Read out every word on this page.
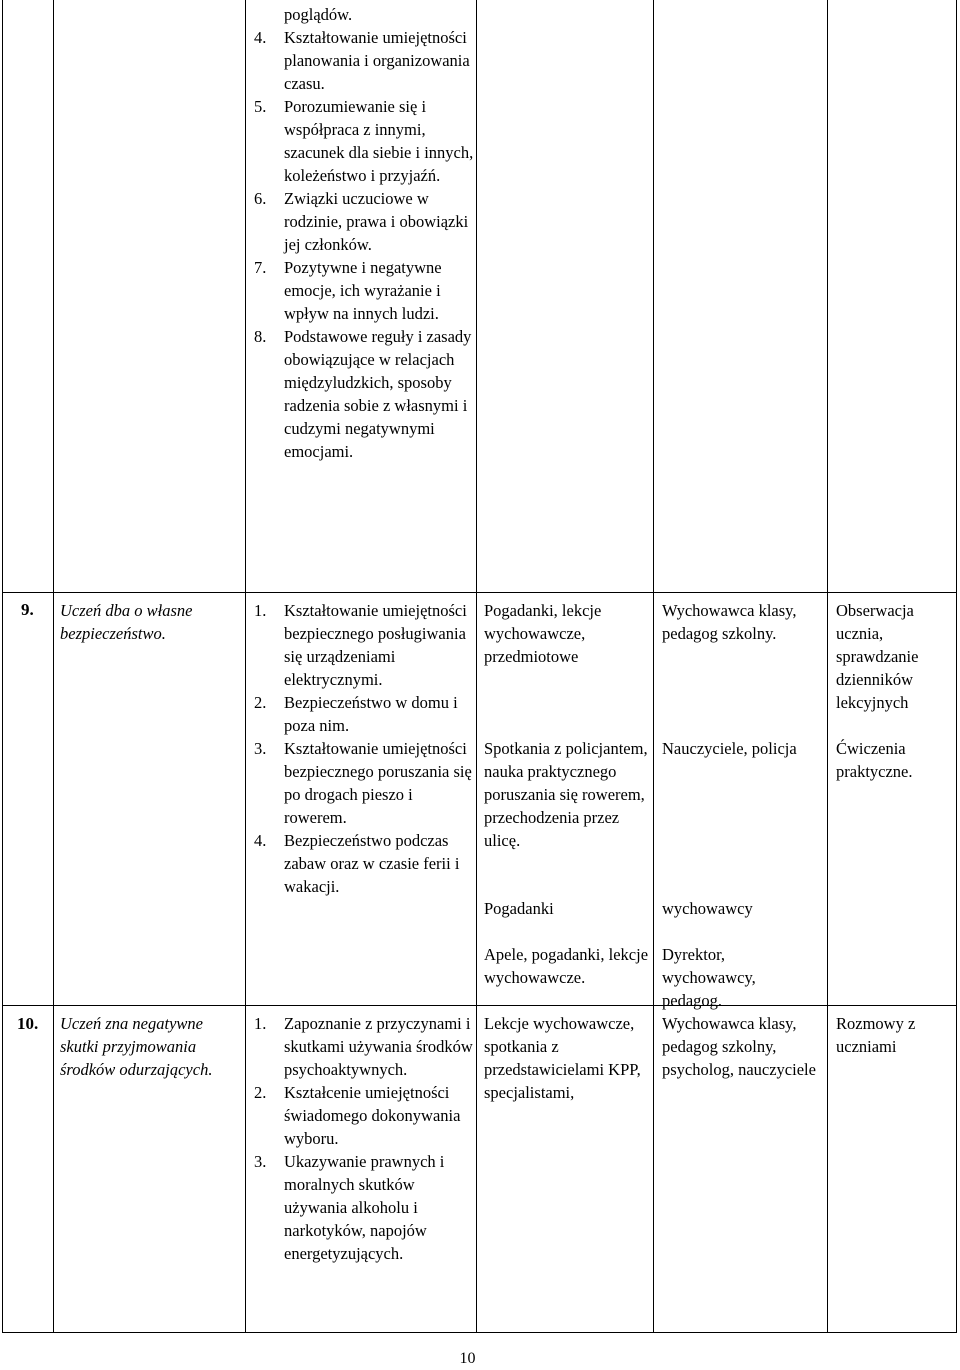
poglądów.
4. Kształtowanie umiejętności planowania i organizowania czasu.
5. Porozumiewanie się i współpraca z innymi, szacunek dla siebie i innych, koleżeństwo i przyjaźń.
6. Związki uczuciowe w rodzinie, prawa i obowiązki jej członków.
7. Pozytywne i negatywne emocje, ich wyrażanie i wpływ na innych ludzi.
8. Podstawowe reguły i zasady obowiązujące w relacjach międzyludzkich, sposoby radzenia sobie z własnymi i cudzymi negatywnymi emocjami.
1. Kształtowanie umiejętności bezpiecznego posługiwania się urządzeniami elektrycznymi.
2. Bezpieczeństwo w domu i poza nim.
3. Kształtowanie umiejętności bezpiecznego poruszania się po drogach pieszo i rowerem.
4. Bezpieczeństwo podczas zabaw oraz w czasie ferii i wakacji.
1. Zapoznanie z przyczynami i skutkami używania środków psychoaktywnych.
2. Kształcenie umiejętności świadomego dokonywania wyboru.
3. Ukazywanie prawnych i moralnych skutków używania alkoholu i narkotyków, napojów energetyzujących.
9. Uczeń dba o własne bezpieczeństwo.
Pogadanki, lekcje wychowawcze, przedmiotowe
Spotkania z policjantem, nauka praktycznego poruszania się rowerem, przechodzenia przez ulicę.
Pogadanki
Apele, pogadanki, lekcje wychowawcze.
Wychowawca klasy, pedagog szkolny.
Nauczyciele, policja
wychowawcy
Dyrektor, wychowawcy, pedagog.
Obserwacja ucznia, sprawdzanie dzienników lekcyjnych
Ćwiczenia praktyczne.
10. Uczeń zna negatywne skutki przyjmowania środków odurzających.
Lekcje wychowawcze, spotkania z przedstawicielami KPP, specjalistami,
Wychowawca klasy, pedagog szkolny, psycholog, nauczyciele
Rozmowy z uczniami
10
